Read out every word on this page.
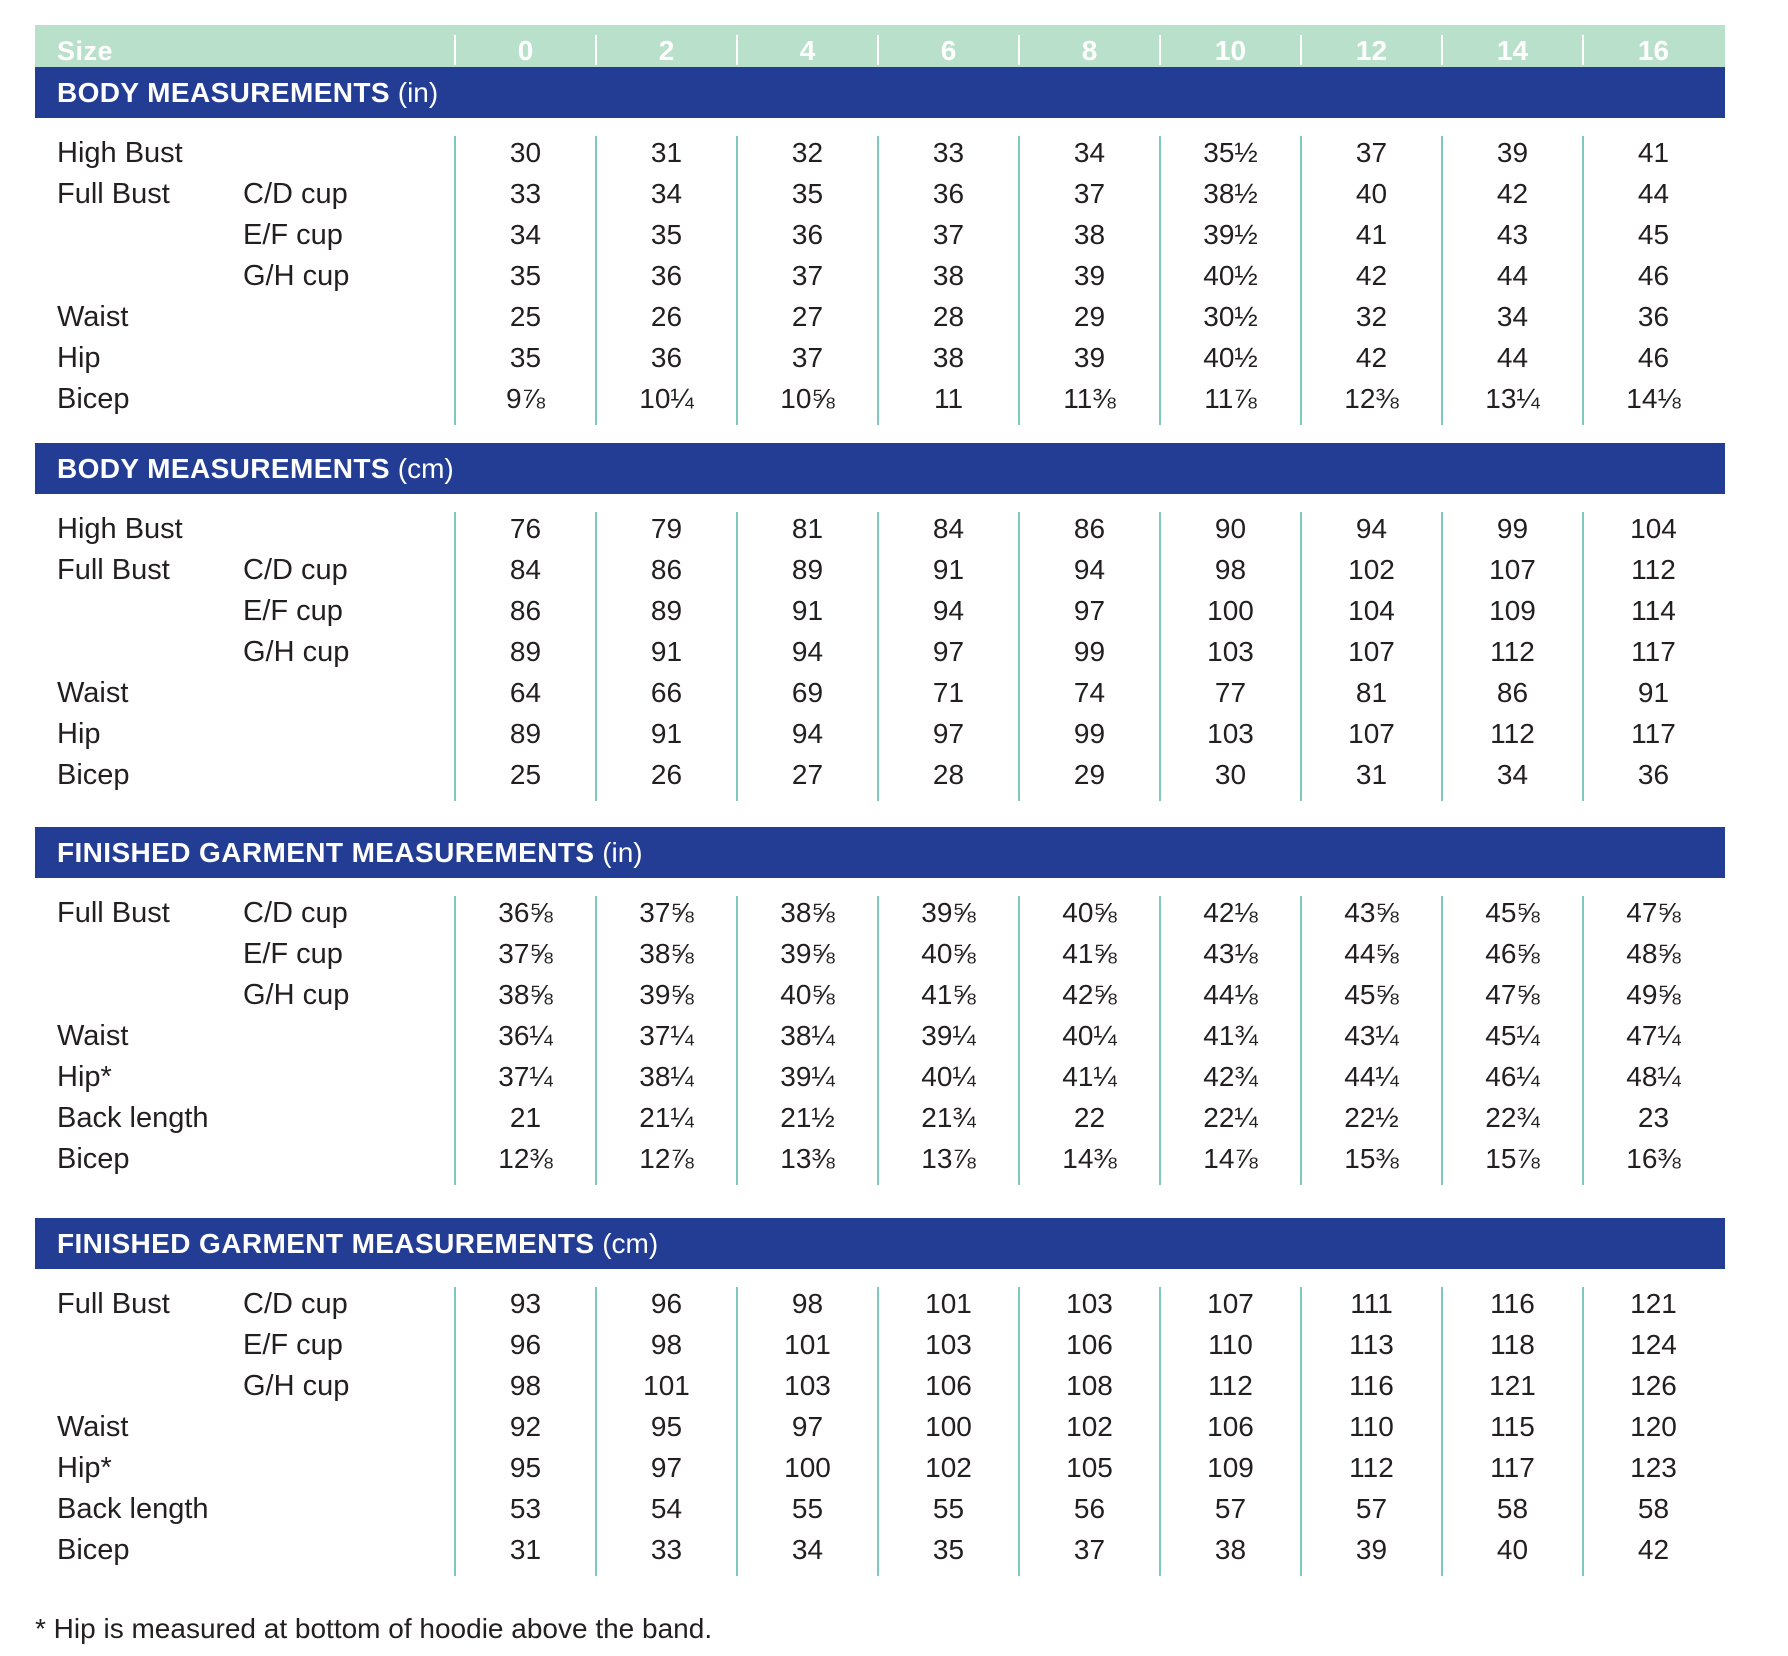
Size	0	2	4	6	8	10	12	14	16
BODY MEASUREMENTS (in)
High Bust	30	31	32	33	34	35½	37	39	41
Full Bust	C/D cup	33	34	35	36	37	38½	40	42	44
E/F cup	34	35	36	37	38	39½	41	43	45
G/H cup	35	36	37	38	39	40½	42	44	46
Waist	25	26	27	28	29	30½	32	34	36
Hip	35	36	37	38	39	40½	42	44	46
Bicep	9⅞	10¼	10⅝	11	11⅜	11⅞	12⅜	13¼	14⅛
BODY MEASUREMENTS (cm)
High Bust	76	79	81	84	86	90	94	99	104
Full Bust	C/D cup	84	86	89	91	94	98	102	107	112
E/F cup	86	89	91	94	97	100	104	109	114
G/H cup	89	91	94	97	99	103	107	112	117
Waist	64	66	69	71	74	77	81	86	91
Hip	89	91	94	97	99	103	107	112	117
Bicep	25	26	27	28	29	30	31	34	36
FINISHED GARMENT MEASUREMENTS (in)
Full Bust	C/D cup	36⅝	37⅝	38⅝	39⅝	40⅝	42⅛	43⅝	45⅝	47⅝
E/F cup	37⅝	38⅝	39⅝	40⅝	41⅝	43⅛	44⅝	46⅝	48⅝
G/H cup	38⅝	39⅝	40⅝	41⅝	42⅝	44⅛	45⅝	47⅝	49⅝
Waist	36¼	37¼	38¼	39¼	40¼	41¾	43¼	45¼	47¼
Hip*	37¼	38¼	39¼	40¼	41¼	42¾	44¼	46¼	48¼
Back length	21	21¼	21½	21¾	22	22¼	22½	22¾	23
Bicep	12⅜	12⅞	13⅜	13⅞	14⅜	14⅞	15⅜	15⅞	16⅜
FINISHED GARMENT MEASUREMENTS (cm)
Full Bust	C/D cup	93	96	98	101	103	107	111	116	121
E/F cup	96	98	101	103	106	110	113	118	124
G/H cup	98	101	103	106	108	112	116	121	126
Waist	92	95	97	100	102	106	110	115	120
Hip*	95	97	100	102	105	109	112	117	123
Back length	53	54	55	55	56	57	57	58	58
Bicep	31	33	34	35	37	38	39	40	42
* Hip is measured at bottom of hoodie above the band.
